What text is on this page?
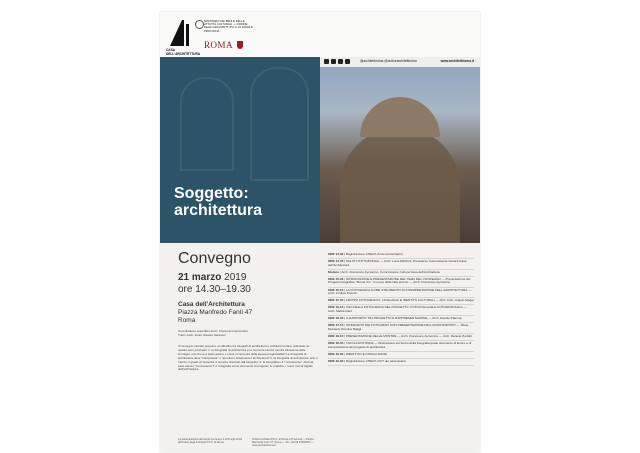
CASA DELL'ARCHITETTURA
MINISTERO DEI BENI E DELLE ATTIVITÀ CULTURALI — ORDINE DEGLI ARCHITETTI P.P.C. DI ROMA E PROVINCIA
ROMA
@architettiroma @ordinearchitettiroma	www.architettiroma.it
Soggetto:
architettura
Convegno
21 marzo 2019
ore 14.30–19.30
Casa dell'Architettura
Piazza Manfredo Fanti 47
Roma
Coordinatore scientifico Arch. Francesco Aymonino
Tutor: Arch. iunior Alessio Santucci
Il convegno intende proporre un dibattito tra fotografi di architettura e architetti romani, articolato su quattro temi principali: 1. la fotografia di architettura e la memoria storica mentre attraversa delle immagini, ma chi ne è stato autore e come si racconta della stessa progettualità? La fotografia di architettura deve "interpretare" o riprodurre fedelmente l'architettura? 2. la fotografia di architettura, arte o mezzo: il grado di 'lentezza' è sempre ricercato dal fotografo; 3. la fotografia e il "monumento", diventa esso stesso "monumento"? 4. fotografia come strumento di progetto: le pratiche, i nuovi mondi digitali dell'architettura.
La partecipazione all'evento riconosce 4 CFP agli iscritti all'Ordine degli Architetti P.P.C. di Roma
Ordine Architetti P.P.C. di Roma e Provincia — Piazza Manfredo Fanti 47, Roma — Tel. +39 06 97604560 — www.architettiroma.it
ORE 14.30 | Registrazione CHECK-IN dei partecipanti
ORE 14.45 | SALUTI ISTITUZIONALI — Arch. Luca Ribichini, Presidente Commissione Cultura Casa dell'Architettura
Modera | Arch. Francesco Aymonino, Commissione Cultura Casa dell'Architettura
ORE 15.00 | INTRODUZIONE E PRESENTAZIONE DEL TEMA DEL CONVEGNO — Presentazione del Progetto fotografico "Roma 3.0 - Il nuovo della città eterna" — Arch. Francesco Aymonino
ORE 15.15 | LA FOTOGRAFIA COME STRUMENTO DI INTERPRETAZIONE DELL'ARCHITETTURA — Arch. Andrea Pozzoli
ORE 15.45 | ARCHIVI FOTOGRAFICI: LINGUAGGI E IDENTITÀ CULTURALI — Prof. Arch. Angelo Maggi
ORE 16.15 | USO DELLA FOTOGRAFIA NEL PROGETTO. FOTOCOLLAGE E FOTOMONTAGGI — Arch. Mattia Darò
ORE 16.45 | IL RAPPORTO TRA PROGETTO E RAPPRESENTAZIONE — Arch. Davide Paterna
ORE 17.15 | INTERVENTI DEI FOTOGRAFI CON PRESENTAZIONE DEI LAVORI ESPOSTI — Silvia Mussetti, Romina Maggi
ORE 18.15 | PRESENTAZIONE DELLE MOSTRE — Arch. Francesco Aymonino — Arch. Daniele Porfulli
ORE 18.35 | TAVOLA ROTONDA — Discussione sul futuro della fotografia quale strumento di lavoro e di interpretazione del progetto di architettura
ORE 19.00 | DIBATTITO E CONCLUSIONI
ORE 19.30 | Registrazione CHECK-OUT dei partecipanti
